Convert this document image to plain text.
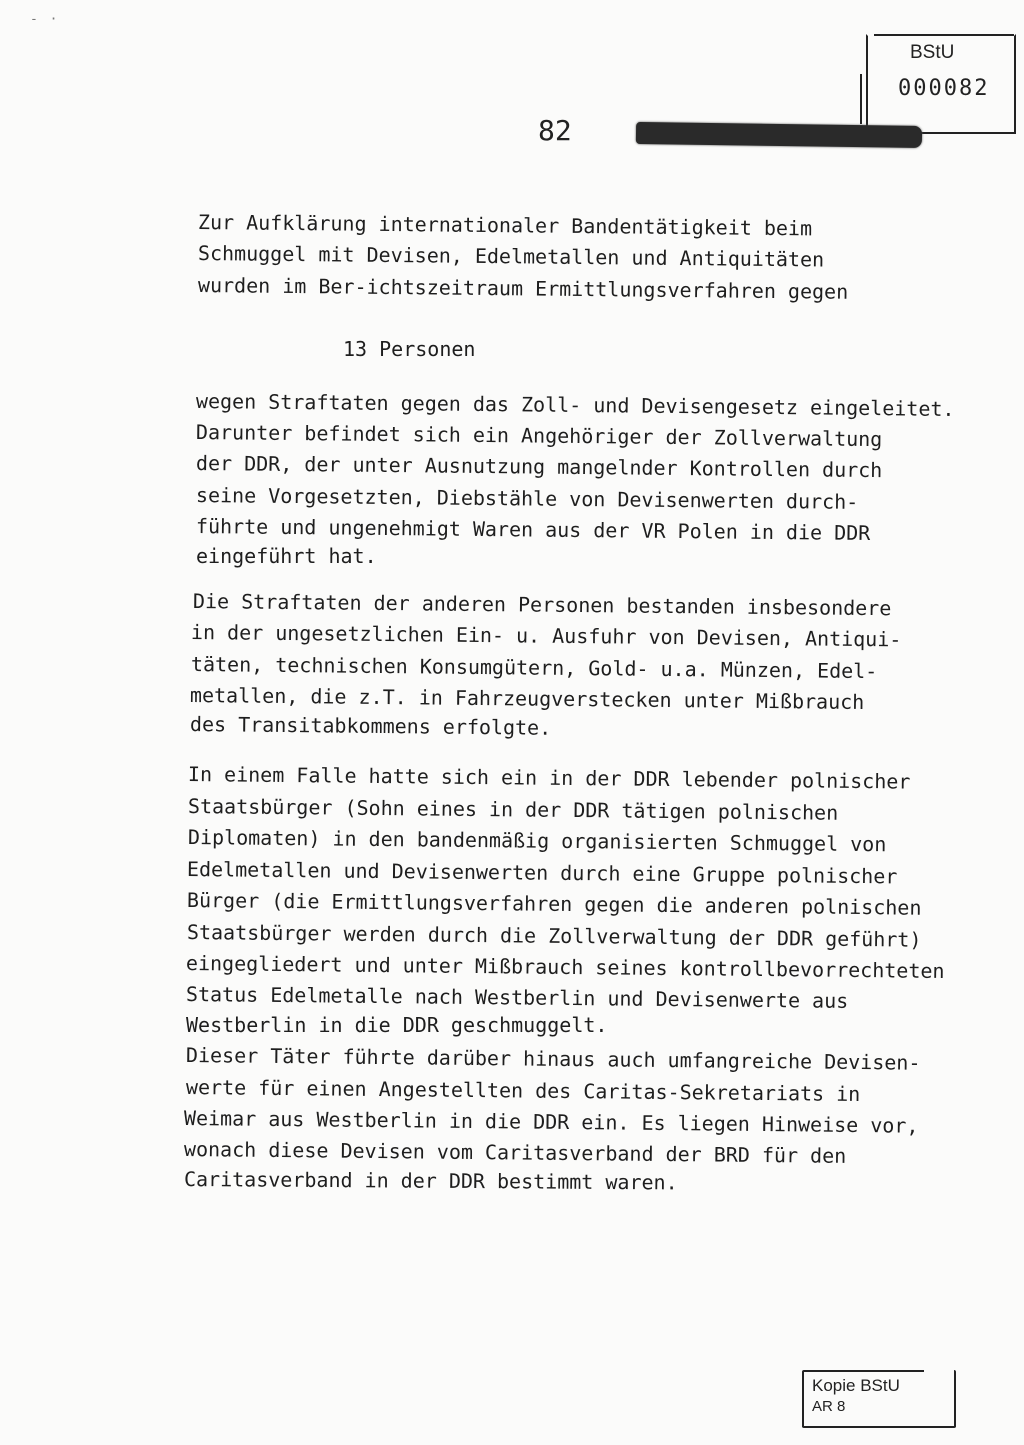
- ·
BStU
000082
82
Zur Aufklärung internationaler Bandentätigkeit beim
Schmuggel mit Devisen, Edelmetallen und Antiquitäten
wurden im Ber-ichtszeitraum Ermittlungsverfahren gegen
13 Personen
wegen Straftaten gegen das Zoll- und Devisengesetz eingeleitet.
Darunter befindet sich ein Angehöriger der Zollverwaltung
der DDR, der unter Ausnutzung mangelnder Kontrollen durch
seine Vorgesetzten, Diebstähle von Devisenwerten durch-
führte und ungenehmigt Waren aus der VR Polen in die DDR
eingeführt hat.
Die Straftaten der anderen Personen bestanden insbesondere
in der ungesetzlichen Ein- u. Ausfuhr von Devisen, Antiqui-
täten, technischen Konsumgütern, Gold- u.a. Münzen, Edel-
metallen, die z.T. in Fahrzeugverstecken unter Mißbrauch
des Transitabkommens erfolgte.
In einem Falle hatte sich ein in der DDR lebender polnischer
Staatsbürger (Sohn eines in der DDR tätigen polnischen
Diplomaten) in den bandenmäßig organisierten Schmuggel von
Edelmetallen und Devisenwerten durch eine Gruppe polnischer
Bürger (die Ermittlungsverfahren gegen die anderen polnischen
Staatsbürger werden durch die Zollverwaltung der DDR geführt)
eingegliedert und unter Mißbrauch seines kontrollbevorrechteten
Status Edelmetalle nach Westberlin und Devisenwerte aus
Westberlin in die DDR geschmuggelt.
Dieser Täter führte darüber hinaus auch umfangreiche Devisen-
werte für einen Angestellten des Caritas-Sekretariats in
Weimar aus Westberlin in die DDR ein. Es liegen Hinweise vor,
wonach diese Devisen vom Caritasverband der BRD für den
Caritasverband in der DDR bestimmt waren.
Kopie BStU
AR 8
